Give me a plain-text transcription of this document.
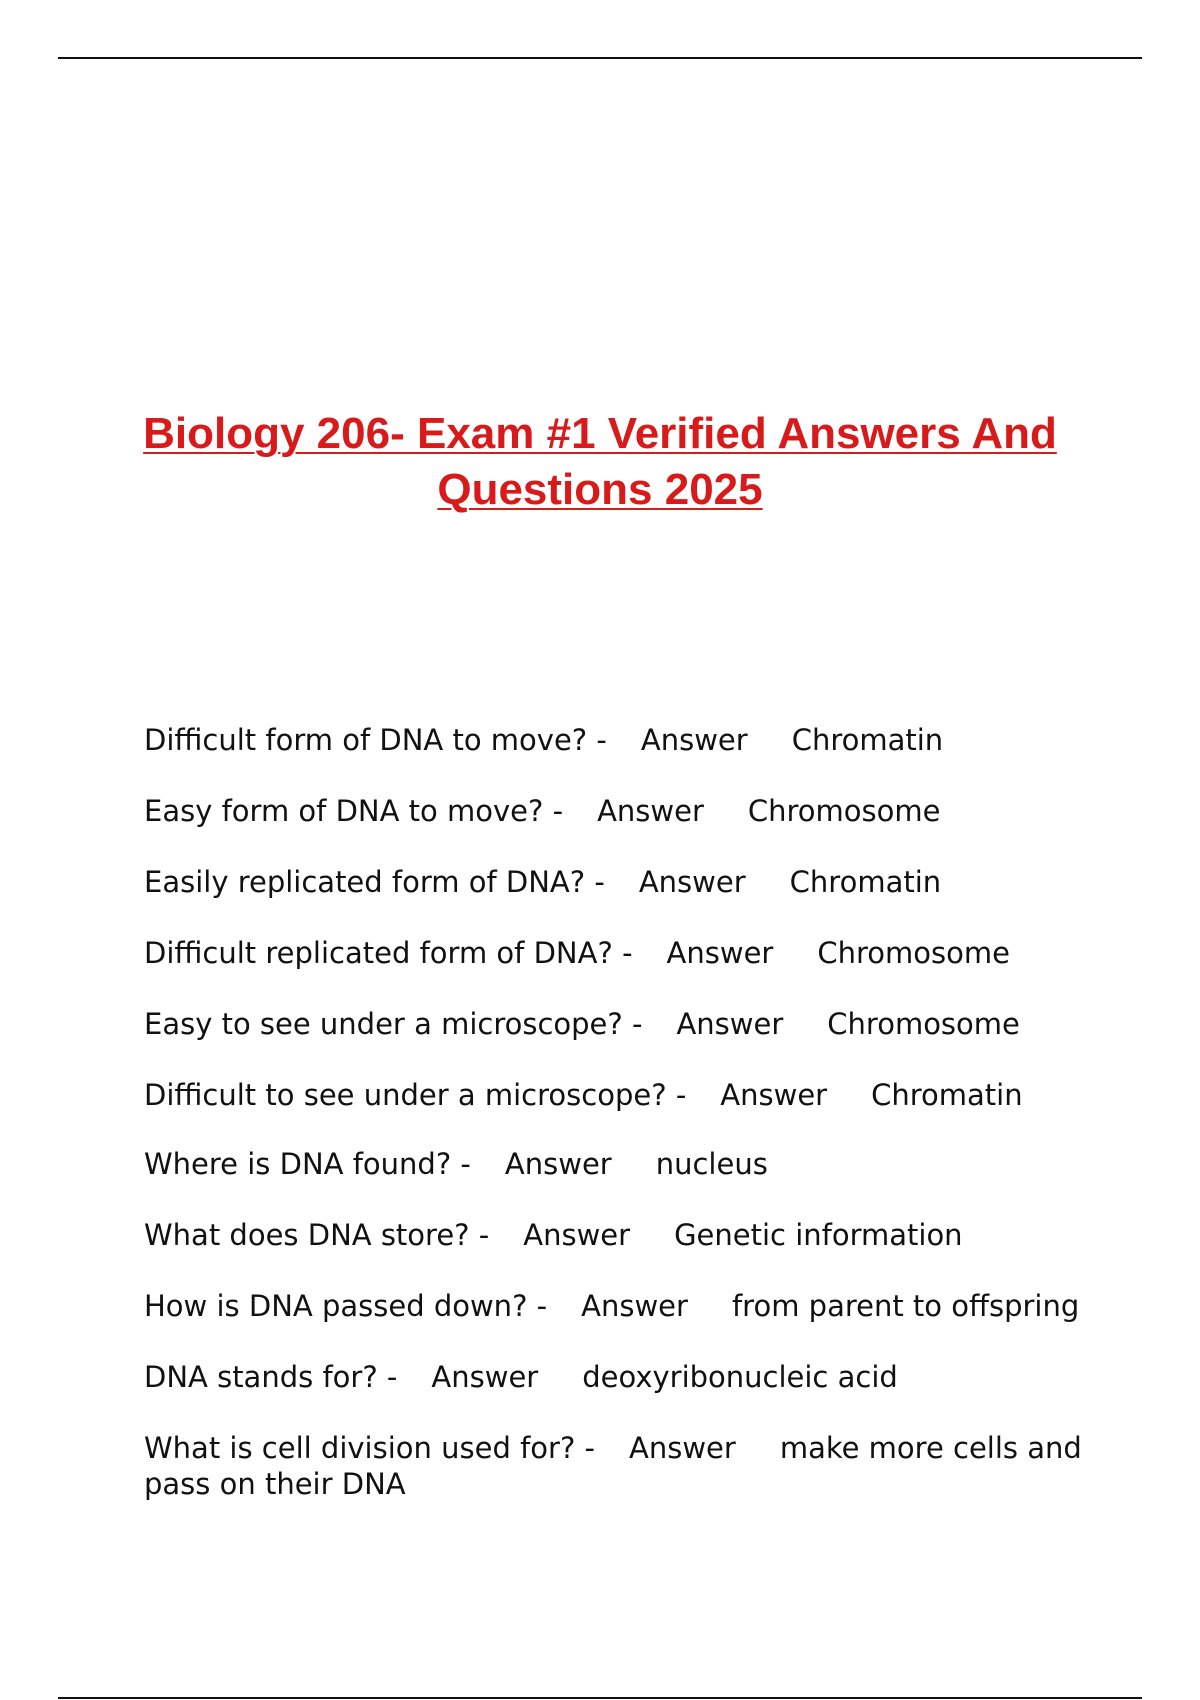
Biology 206- Exam #1 Verified Answers And Questions 2025
Difficult form of DNA to move? - Answer Chromatin
Easy form of DNA to move? - Answer Chromosome
Easily replicated form of DNA? - Answer Chromatin
Difficult replicated form of DNA? - Answer Chromosome
Easy to see under a microscope? - Answer Chromosome
Difficult to see under a microscope? - Answer Chromatin
Where is DNA found? - Answer nucleus
What does DNA store? - Answer Genetic information
How is DNA passed down? - Answer from parent to offspring
DNA stands for? - Answer deoxyribonucleic acid
What is cell division used for? - Answer make more cells and pass on their DNA
